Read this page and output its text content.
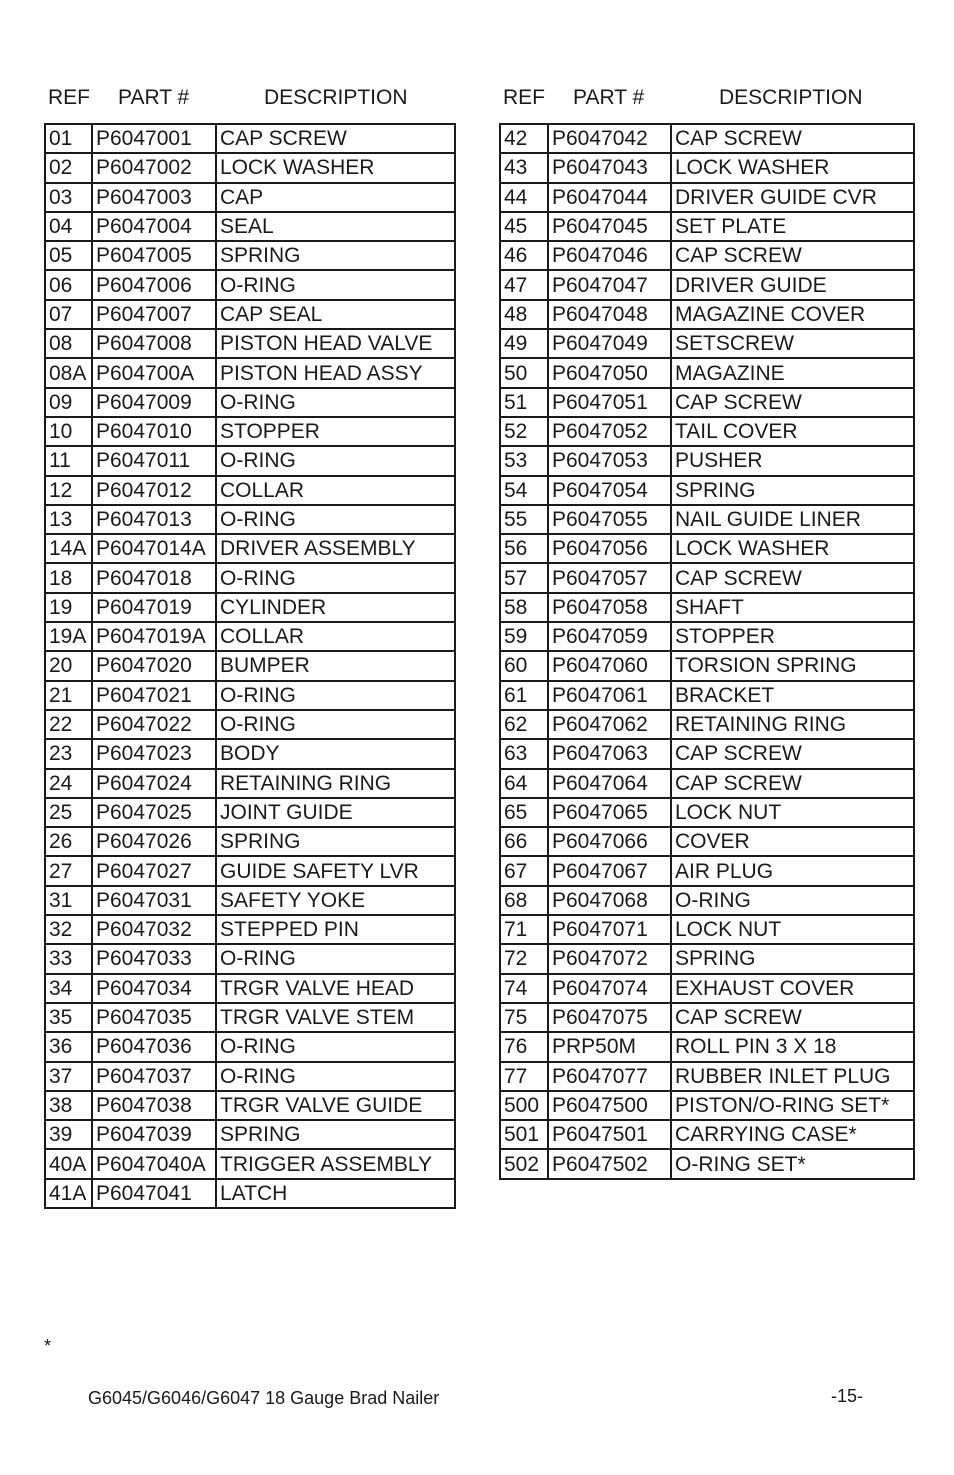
REF PART #	DESCRIPTION
01	P6047001	CAP SCREW
02	P6047002	LOCK WASHER
03	P6047003	CAP
04	P6047004	SEAL
05	P6047005	SPRING
06	P6047006	O-RING
07	P6047007	CAP SEAL
08	P6047008	PISTON HEAD VALVE
08A	P604700A	PISTON HEAD ASSY
09	P6047009	O-RING
10	P6047010	STOPPER
11	P6047011	O-RING
12	P6047012	COLLAR
13	P6047013	O-RING
14A	P6047014A	DRIVER ASSEMBLY
18	P6047018	O-RING
19	P6047019	CYLINDER
19A	P6047019A	COLLAR
20	P6047020	BUMPER
21	P6047021	O-RING
22	P6047022	O-RING
23	P6047023	BODY
24	P6047024	RETAINING RING
25	P6047025	JOINT GUIDE
26	P6047026	SPRING
27	P6047027	GUIDE SAFETY LVR
31	P6047031	SAFETY YOKE
32	P6047032	STEPPED PIN
33	P6047033	O-RING
34	P6047034	TRGR VALVE HEAD
35	P6047035	TRGR VALVE STEM
36	P6047036	O-RING
37	P6047037	O-RING
38	P6047038	TRGR VALVE GUIDE
39	P6047039	SPRING
40A	P6047040A	TRIGGER ASSEMBLY
41A	P6047041	LATCH
REF PART #	DESCRIPTION
42	P6047042	CAP SCREW
43	P6047043	LOCK WASHER
44	P6047044	DRIVER GUIDE CVR
45	P6047045	SET PLATE
46	P6047046	CAP SCREW
47	P6047047	DRIVER GUIDE
48	P6047048	MAGAZINE COVER
49	P6047049	SETSCREW
50	P6047050	MAGAZINE
51	P6047051	CAP SCREW
52	P6047052	TAIL COVER
53	P6047053	PUSHER
54	P6047054	SPRING
55	P6047055	NAIL GUIDE LINER
56	P6047056	LOCK WASHER
57	P6047057	CAP SCREW
58	P6047058	SHAFT
59	P6047059	STOPPER
60	P6047060	TORSION SPRING
61	P6047061	BRACKET
62	P6047062	RETAINING RING
63	P6047063	CAP SCREW
64	P6047064	CAP SCREW
65	P6047065	LOCK NUT
66	P6047066	COVER
67	P6047067	AIR PLUG
68	P6047068	O-RING
71	P6047071	LOCK NUT
72	P6047072	SPRING
74	P6047074	EXHAUST COVER
75	P6047075	CAP SCREW
76	PRP50M	ROLL PIN 3 X 18
77	P6047077	RUBBER INLET PLUG
500	P6047500	PISTON/O-RING SET*
501	P6047501	CARRYING CASE*
502	P6047502	O-RING SET*
*
G6045/G6046/G6047 18 Gauge Brad Nailer	-15-
